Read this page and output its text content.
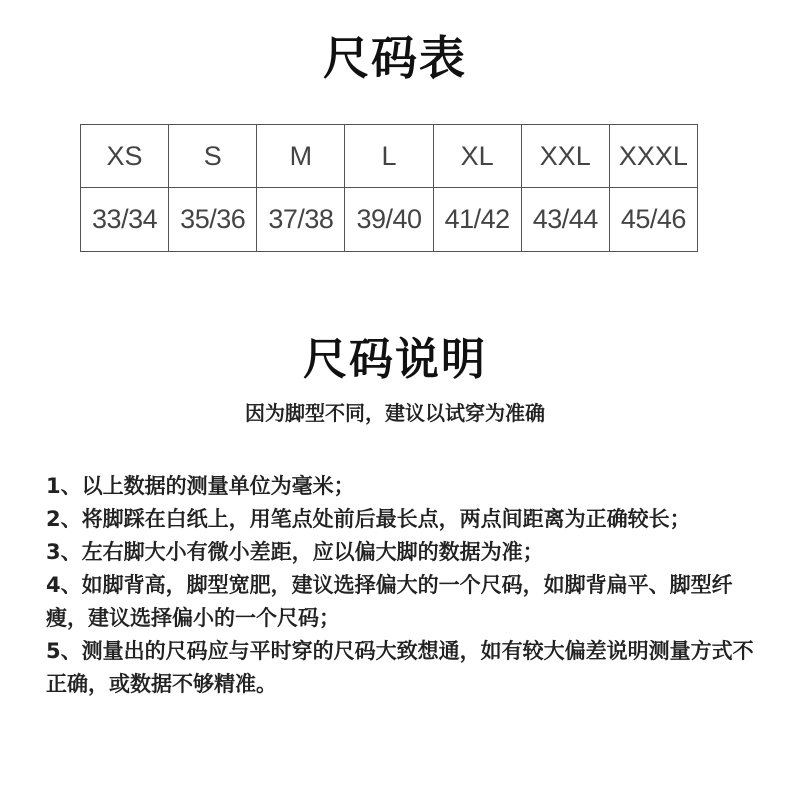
尺码表
XS	S	M	L	XL	XXL	XXXL
33/34	35/36	37/38	39/40	41/42	43/44	45/46
尺码说明
因为脚型不同，建议以试穿为准确

1、以上数据的测量单位为毫米；

2、将脚踩在白纸上，用笔点处前后最长点，两点间距离为正确较长；

3、左右脚大小有微小差距，应以偏大脚的数据为准；

4、如脚背高，脚型宽肥，建议选择偏大的一个尺码，如脚背扁平、脚型纤瘦，建议选择偏小的一个尺码；

5、测量出的尺码应与平时穿的尺码大致想通，如有较大偏差说明测量方式不正确，或数据不够精准。
